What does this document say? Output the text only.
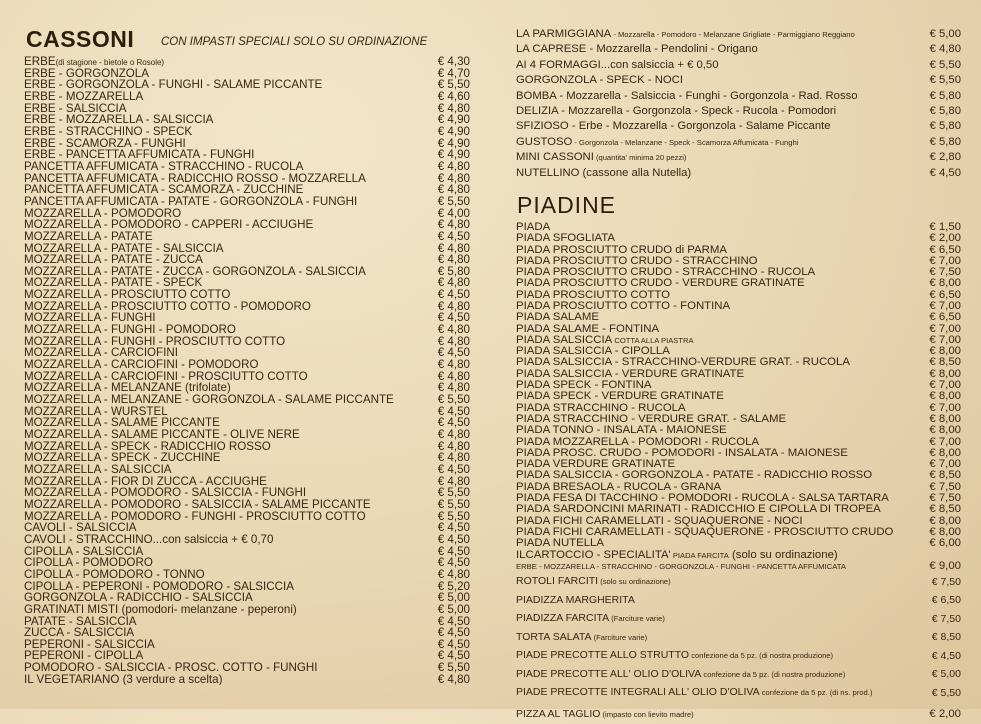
CASSONI CON IMPASTI SPECIALI SOLO SU ORDINAZIONE
ERBE(di stagione - bietole o Rosole)	€ 4,30
ERBE - GORGONZOLA	€ 4,70
ERBE - GORGONZOLA - FUNGHI - SALAME PICCANTE	€ 5,50
ERBE - MOZZARELLA	€ 4,60
ERBE - SALSICCIA	€ 4,80
ERBE - MOZZARELLA - SALSICCIA	€ 4,90
ERBE - STRACCHINO - SPECK	€ 4,90
ERBE - SCAMORZA - FUNGHI	€ 4,90
ERBE - PANCETTA AFFUMICATA - FUNGHI	€ 4,90
PANCETTA AFFUMICATA - STRACCHINO - RUCOLA	€ 4,80
PANCETTA AFFUMICATA - RADICCHIO ROSSO - MOZZARELLA	€ 4,80
PANCETTA AFFUMICATA - SCAMORZA - ZUCCHINE	€ 4,80
PANCETTA AFFUMICATA - PATATE - GORGONZOLA - FUNGHI	€ 5,50
MOZZARELLA - POMODORO	€ 4,00
MOZZARELLA - POMODORO - CAPPERI - ACCIUGHE	€ 4,80
MOZZARELLA - PATATE	€ 4,50
MOZZARELLA - PATATE - SALSICCIA	€ 4,80
MOZZARELLA - PATATE - ZUCCA	€ 4,80
MOZZARELLA - PATATE - ZUCCA - GORGONZOLA - SALSICCIA	€ 5,80
MOZZARELLA - PATATE - SPECK	€ 4,80
MOZZARELLA - PROSCIUTTO COTTO	€ 4,50
MOZZARELLA - PROSCIUTTO COTTO - POMODORO	€ 4,80
MOZZARELLA - FUNGHI	€ 4,50
MOZZARELLA - FUNGHI - POMODORO	€ 4,80
MOZZARELLA - FUNGHI - PROSCIUTTO COTTO	€ 4,80
MOZZARELLA - CARCIOFINI	€ 4,50
MOZZARELLA - CARCIOFINI - POMODORO	€ 4,80
MOZZARELLA - CARCIOFINI - PROSCIUTTO COTTO	€ 4,80
MOZZARELLA - MELANZANE (trifolate)	€ 4,80
MOZZARELLA - MELANZANE - GORGONZOLA - SALAME PICCANTE	€ 5,50
MOZZARELLA - WURSTEL	€ 4,50
MOZZARELLA - SALAME PICCANTE	€ 4,50
MOZZARELLA - SALAME PICCANTE - OLIVE NERE	€ 4,80
MOZZARELLA - SPECK - RADICCHIO ROSSO	€ 4,80
MOZZARELLA - SPECK - ZUCCHINE	€ 4,80
MOZZARELLA - SALSICCIA	€ 4,50
MOZZARELLA - FIOR DI ZUCCA - ACCIUGHE	€ 4,80
MOZZARELLA - POMODORO - SALSICCIA - FUNGHI	€ 5,50
MOZZARELLA - POMODORO - SALSICCIA - SALAME PICCANTE	€ 5,50
MOZZARELLA - POMODORO - FUNGHI - PROSCIUTTO COTTO	€ 5,50
CAVOLI - SALSICCIA	€ 4,50
CAVOLI - STRACCHINO...con salsiccia + € 0,70	€ 4,50
CIPOLLA - SALSICCIA	€ 4,50
CIPOLLA - POMODORO	€ 4,50
CIPOLLA - POMODORO - TONNO	€ 4,80
CIPOLLA - PEPERONI - POMODORO - SALSICCIA	€ 5,20
GORGONZOLA - RADICCHIO - SALSICCIA	€ 5,00
GRATINATI MISTI (pomodori- melanzane - peperoni)	€ 5,00
PATATE - SALSICCIA	€ 4,50
ZUCCA - SALSICCIA	€ 4,50
PEPERONI - SALSICCIA	€ 4,50
PEPERONI - CIPOLLA	€ 4,50
POMODORO - SALSICCIA - PROSC. COTTO - FUNGHI	€ 5,50
IL VEGETARIANO (3 verdure a scelta)	€ 4,80
LA PARMIGGIANA - Mozzarella - Pomodoro - Melanzane Grigliate - Parmiggiano Reggiano	€ 5,00
LA CAPRESE - Mozzarella - Pendolini - Origano	€ 4,80
AI 4 FORMAGGI...con salsiccia + € 0,50	€ 5,50
GORGONZOLA - SPECK - NOCI	€ 5,50
BOMBA - Mozzarella - Salsiccia - Funghi - Gorgonzola - Rad. Rosso	€ 5,80
DELIZIA - Mozzarella - Gorgonzola - Speck - Rucola - Pomodori	€ 5,80
SFIZIOSO - Erbe - Mozzarella - Gorgonzola - Salame Piccante	€ 5,80
GUSTOSO - Gorgonzola - Melanzane - Speck - Scamorza Affumicata - Funghi	€ 5,80
MINI CASSONI (quantita' minima 20 pezzi)	€ 2,80
NUTELLINO (cassone alla Nutella)	€ 4,50
PIADINE
PIADA	€ 1,50
PIADA SFOGLIATA	€ 2,00
PIADA PROSCIUTTO CRUDO di PARMA	€ 6,50
PIADA PROSCIUTTO CRUDO - STRACCHINO	€ 7,00
PIADA PROSCIUTTO CRUDO - STRACCHINO - RUCOLA	€ 7,50
PIADA PROSCIUTTO CRUDO - VERDURE GRATINATE	€ 8,00
PIADA PROSCIUTTO COTTO	€ 6,50
PIADA PROSCIUTTO COTTO - FONTINA	€ 7,00
PIADA SALAME	€ 6,50
PIADA SALAME - FONTINA	€ 7,00
PIADA SALSICCIA COTTA ALLA PIASTRA	€ 7,00
PIADA SALSICCIA - CIPOLLA	€ 8,00
PIADA SALSICCIA - STRACCHINO-VERDURE GRAT. - RUCOLA	€ 8,50
PIADA SALSICCIA - VERDURE GRATINATE	€ 8,00
PIADA SPECK - FONTINA	€ 7,00
PIADA SPECK - VERDURE GRATINATE	€ 8,00
PIADA STRACCHINO - RUCOLA	€ 7,00
PIADA STRACCHINO - VERDURE GRAT. - SALAME	€ 8,00
PIADA TONNO - INSALATA - MAIONESE	€ 8,00
PIADA MOZZARELLA - POMODORI - RUCOLA	€ 7,00
PIADA PROSC. CRUDO - POMODORI - INSALATA - MAIONESE	€ 8,00
PIADA VERDURE GRATINATE	€ 7,00
PIADA SALSICCIA - GORGONZOLA - PATATE - RADICCHIO ROSSO	€ 8,50
PIADA BRESAOLA - RUCOLA - GRANA	€ 7,50
PIADA FESA DI TACCHINO - POMODORI - RUCOLA - SALSA TARTARA	€ 7,50
PIADA SARDONCINI MARINATI - RADICCHIO E CIPOLLA DI TROPEA	€ 8,50
PIADA FICHI CARAMELLATI - SQUAQUERONE - NOCI	€ 8,00
PIADA FICHI CARAMELLATI - SQUAQUERONE - PROSCIUTTO CRUDO	€ 8,00
PIADA NUTELLA	€ 6,00
ILCARTOCCIO - SPECIALITA' PIADA FARCITA (solo su ordinazione)
ERBE - MOZZARELLA - STRACCHINO - GORGONZOLA - FUNGHI - PANCETTA AFFUMICATA	€ 9,00
ROTOLI FARCITI (solo su ordinazione)	€ 7,50
PIADIZZA MARGHERITA	€ 6,50
PIADIZZA FARCITA (Farciture varie)	€ 7,50
TORTA SALATA (Farciture varie)	€ 8,50
PIADE PRECOTTE ALLO STRUTTO confezione da 5 pz. (di nostra produzione)	€ 4,50
PIADE PRECOTTE ALL' OLIO D'OLIVA confezione da 5 pz. (di nostra produzione)	€ 5,00
PIADE PRECOTTE INTEGRALI ALL' OLIO D'OLIVA confezione da 5 pz. (di ns. prod.)	€ 5,50
PIZZA AL TAGLIO (impasto con lievito madre)	€ 2,00
